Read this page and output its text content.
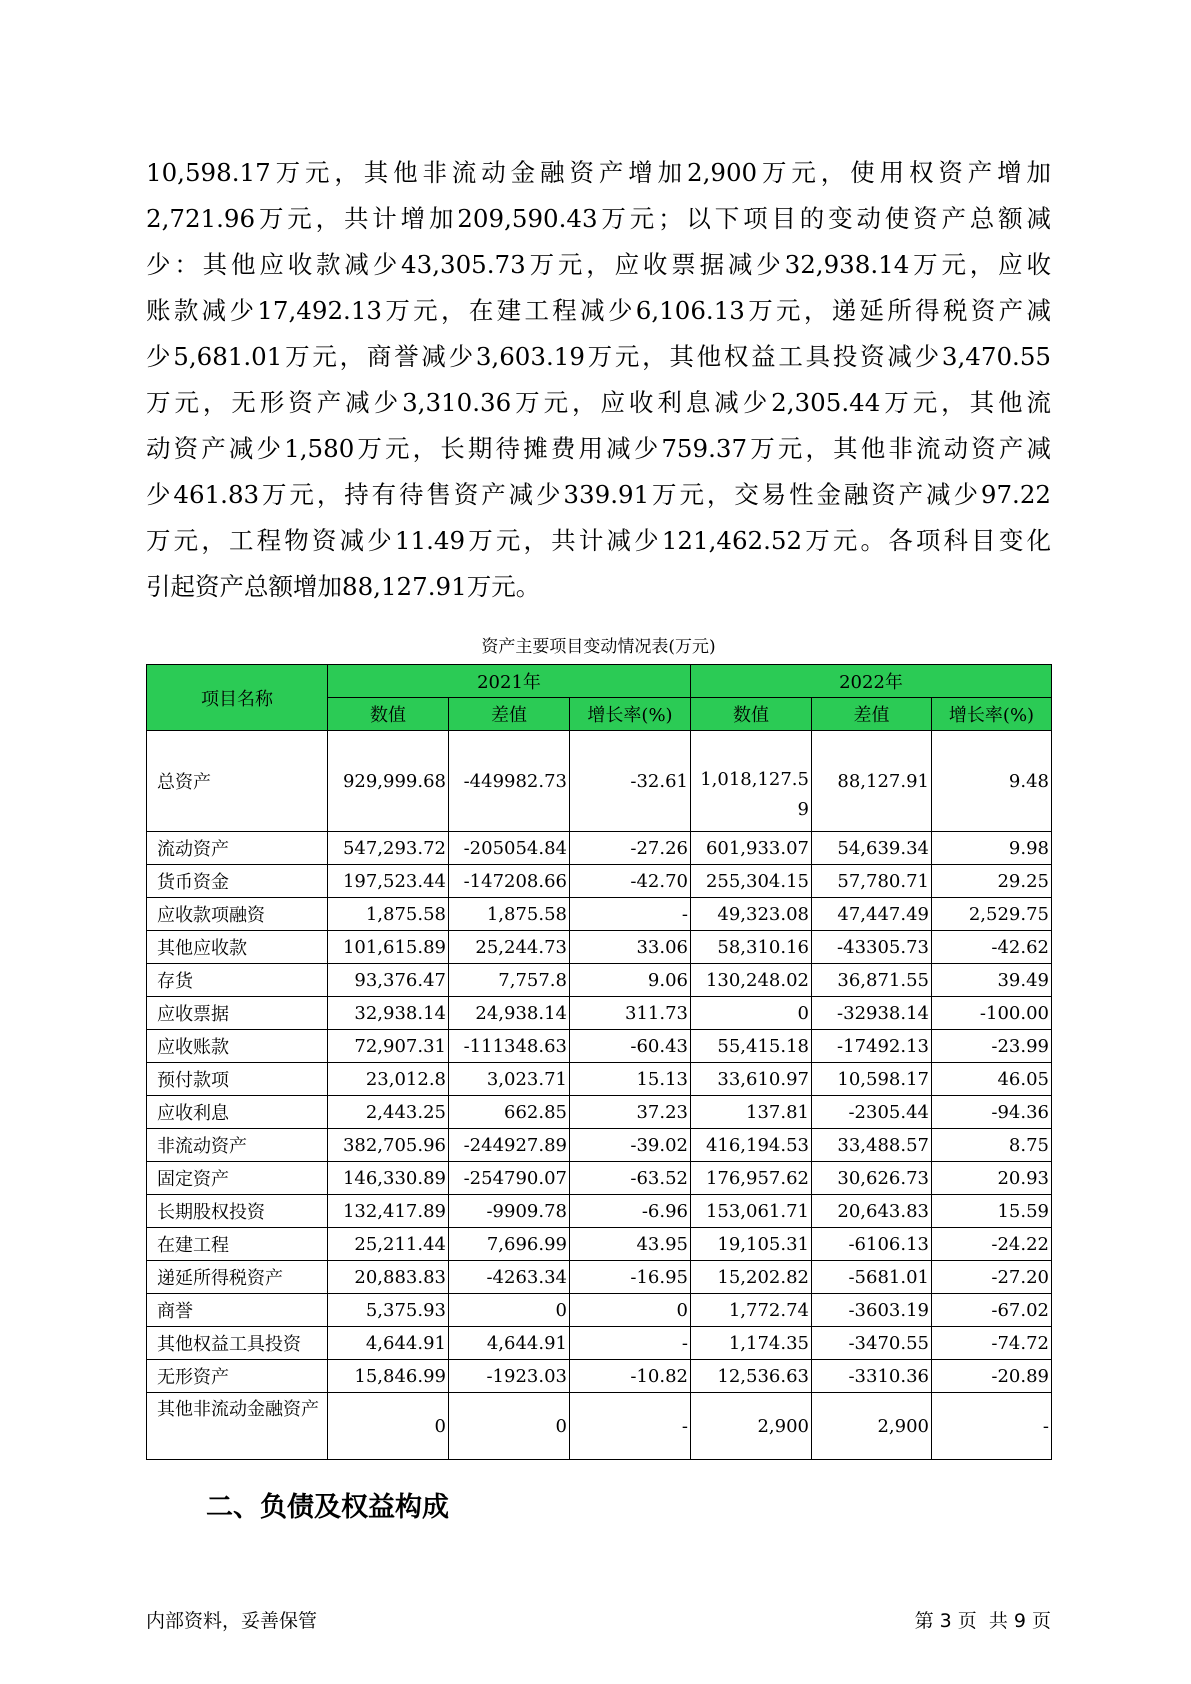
10,598.17万元，其他非流动金融资产增加2,900万元，使用权资产增加
2,721.96万元，共计增加209,590.43万元；以下项目的变动使资产总额减
少：其他应收款减少43,305.73万元，应收票据减少32,938.14万元，应收
账款减少17,492.13万元，在建工程减少6,106.13万元，递延所得税资产减
少5,681.01万元，商誉减少3,603.19万元，其他权益工具投资减少3,470.55
万元，无形资产减少3,310.36万元，应收利息减少2,305.44万元，其他流
动资产减少1,580万元，长期待摊费用减少759.37万元，其他非流动资产减
少461.83万元，持有待售资产减少339.91万元，交易性金融资产减少97.22
万元，工程物资减少11.49万元，共计减少121,462.52万元。各项科目变化
引起资产总额增加88,127.91万元。
资产主要项目变动情况表(万元)
项目名称	2021年			2022年		
	数值	差值	增长率(%)	数值	差值	增长率(%)
总资产	929,999.68	-449982.73	-32.61	1,018,127.59	88,127.91	9.48
流动资产	547,293.72	-205054.84	-27.26	601,933.07	54,639.34	9.98
货币资金	197,523.44	-147208.66	-42.70	255,304.15	57,780.71	29.25
应收款项融资	1,875.58	1,875.58	-	49,323.08	47,447.49	2,529.75
其他应收款	101,615.89	25,244.73	33.06	58,310.16	-43305.73	-42.62
存货	93,376.47	7,757.8	9.06	130,248.02	36,871.55	39.49
应收票据	32,938.14	24,938.14	311.73	0	-32938.14	-100.00
应收账款	72,907.31	-111348.63	-60.43	55,415.18	-17492.13	-23.99
预付款项	23,012.8	3,023.71	15.13	33,610.97	10,598.17	46.05
应收利息	2,443.25	662.85	37.23	137.81	-2305.44	-94.36
非流动资产	382,705.96	-244927.89	-39.02	416,194.53	33,488.57	8.75
固定资产	146,330.89	-254790.07	-63.52	176,957.62	30,626.73	20.93
长期股权投资	132,417.89	-9909.78	-6.96	153,061.71	20,643.83	15.59
在建工程	25,211.44	7,696.99	43.95	19,105.31	-6106.13	-24.22
递延所得税资产	20,883.83	-4263.34	-16.95	15,202.82	-5681.01	-27.20
商誉	5,375.93	0	0	1,772.74	-3603.19	-67.02
其他权益工具投资	4,644.91	4,644.91	-	1,174.35	-3470.55	-74.72
无形资产	15,846.99	-1923.03	-10.82	12,536.63	-3310.36	-20.89
其他非流动金融资产	0	0	-	2,900	2,900	-
二、负债及权益构成
内部资料，妥善保管	第 3 页  共 9 页
